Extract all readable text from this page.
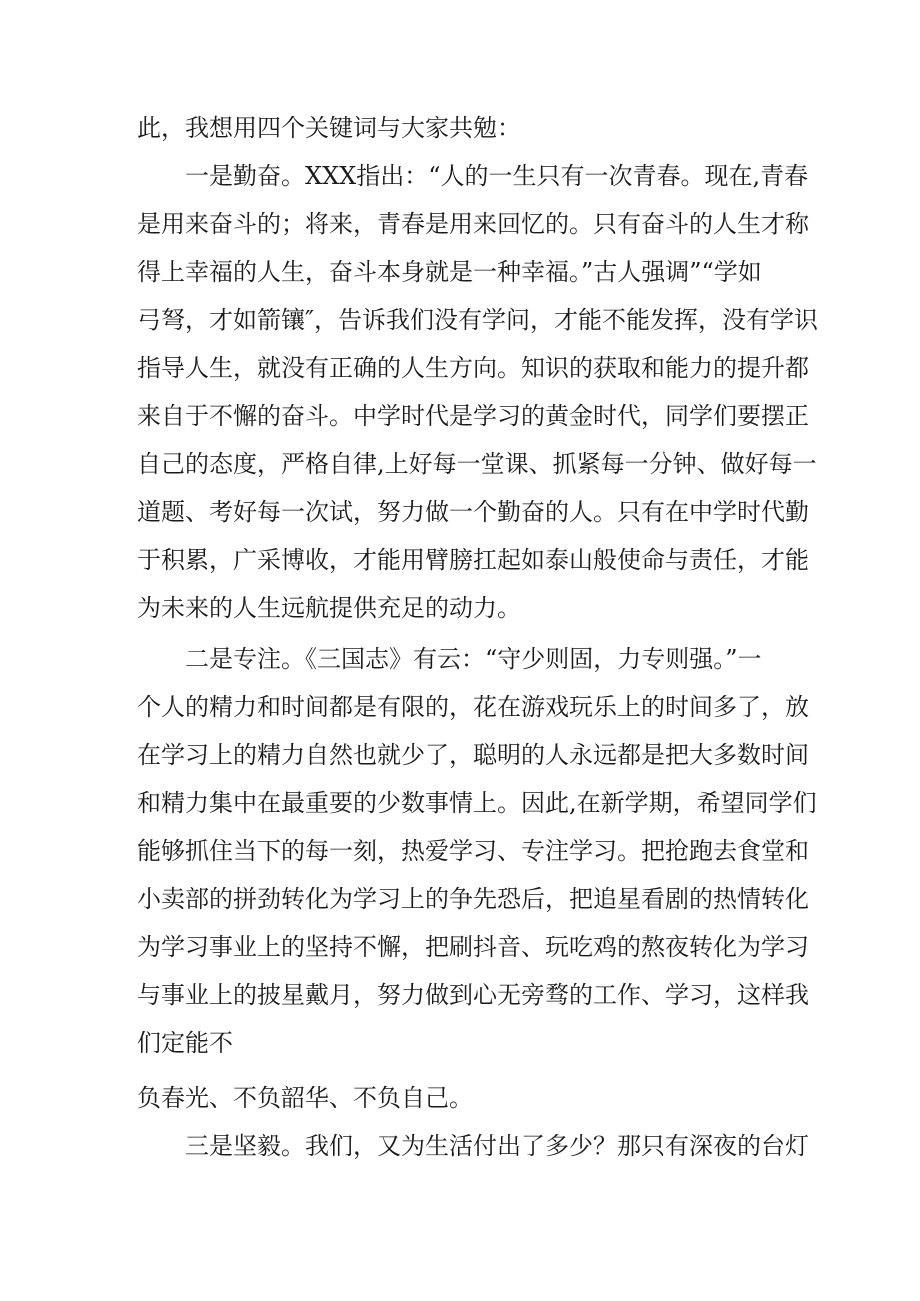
此，我想用四个关键词与大家共勉：
一是勤奋。XXX指出：“人的一生只有一次青春。现在,青春
是用来奋斗的；将来，青春是用来回忆的。只有奋斗的人生才称
得上幸福的人生，奋斗本身就是一种幸福。”古人强调”“学如
弓弩，才如箭镶″，告诉我们没有学问，才能不能发挥，没有学识
指导人生，就没有正确的人生方向。知识的获取和能力的提升都
来自于不懈的奋斗。中学时代是学习的黄金时代，同学们要摆正
自己的态度，严格自律,上好每一堂课、抓紧每一分钟、做好每一
道题、考好每一次试，努力做一个勤奋的人。只有在中学时代勤
于积累，广采博收，才能用臂膀扛起如泰山般使命与责任，才能
为未来的人生远航提供充足的动力。
二是专注。《三国志》有云：“守少则固，力专则强。”一
个人的精力和时间都是有限的，花在游戏玩乐上的时间多了，放
在学习上的精力自然也就少了，聪明的人永远都是把大多数时间
和精力集中在最重要的少数事情上。因此,在新学期，希望同学们
能够抓住当下的每一刻，热爱学习、专注学习。把抢跑去食堂和
小卖部的拼劲转化为学习上的争先恐后，把追星看剧的热情转化
为学习事业上的坚持不懈，把刷抖音、玩吃鸡的熬夜转化为学习
与事业上的披星戴月，努力做到心无旁骛的工作、学习，这样我
们定能不
负春光、不负韶华、不负自己。
三是坚毅。我们，又为生活付出了多少？那只有深夜的台灯
